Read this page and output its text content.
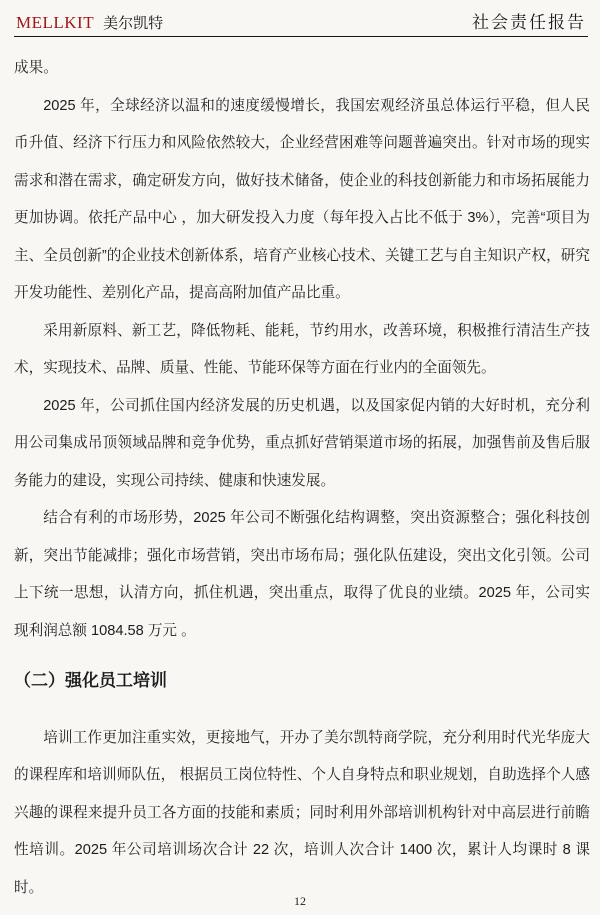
MELLKIT 美尔凯特	社会责任报告

成果。

2025 年，全球经济以温和的速度缓慢增长，我国宏观经济虽总体运行平稳，但人民币升值、经济下行压力和风险依然较大，企业经营困难等问题普遍突出。针对市场的现实需求和潜在需求，确定研发方向，做好技术储备，使企业的科技创新能力和市场拓展能力更加协调。依托产品中心 ，加大研发投入力度（每年投入占比不低于 3%），完善“项目为主、全员创新”的企业技术创新体系，培育产业核心技术、关键工艺与自主知识产权，研究开发功能性、差别化产品，提高高附加值产品比重。

采用新原料、新工艺，降低物耗、能耗，节约用水，改善环境，积极推行清洁生产技术，实现技术、品牌、质量、性能、节能环保等方面在行业内的全面领先。

2025 年，公司抓住国内经济发展的历史机遇，以及国家促内销的大好时机，充分利用公司集成吊顶领域品牌和竞争优势，重点抓好营销渠道市场的拓展，加强售前及售后服务能力的建设，实现公司持续、健康和快速发展。

结合有利的市场形势，2025 年公司不断强化结构调整，突出资源整合；强化科技创新，突出节能减排；强化市场营销，突出市场布局；强化队伍建设，突出文化引领。公司上下统一思想，认清方向，抓住机遇，突出重点，取得了优良的业绩。2025 年，公司实现利润总额 1084.58 万元 。

（二）强化员工培训

培训工作更加注重实效，更接地气，开办了美尔凯特商学院，充分利用时代光华庞大的课程库和培训师队伍， 根据员工岗位特性、个人自身特点和职业规划，自助选择个人感兴趣的课程来提升员工各方面的技能和素质；同时利用外部培训机构针对中高层进行前瞻性培训。2025 年公司培训场次合计 22 次，培训人次合计 1400 次，累计人均课时 8 课时。

12
